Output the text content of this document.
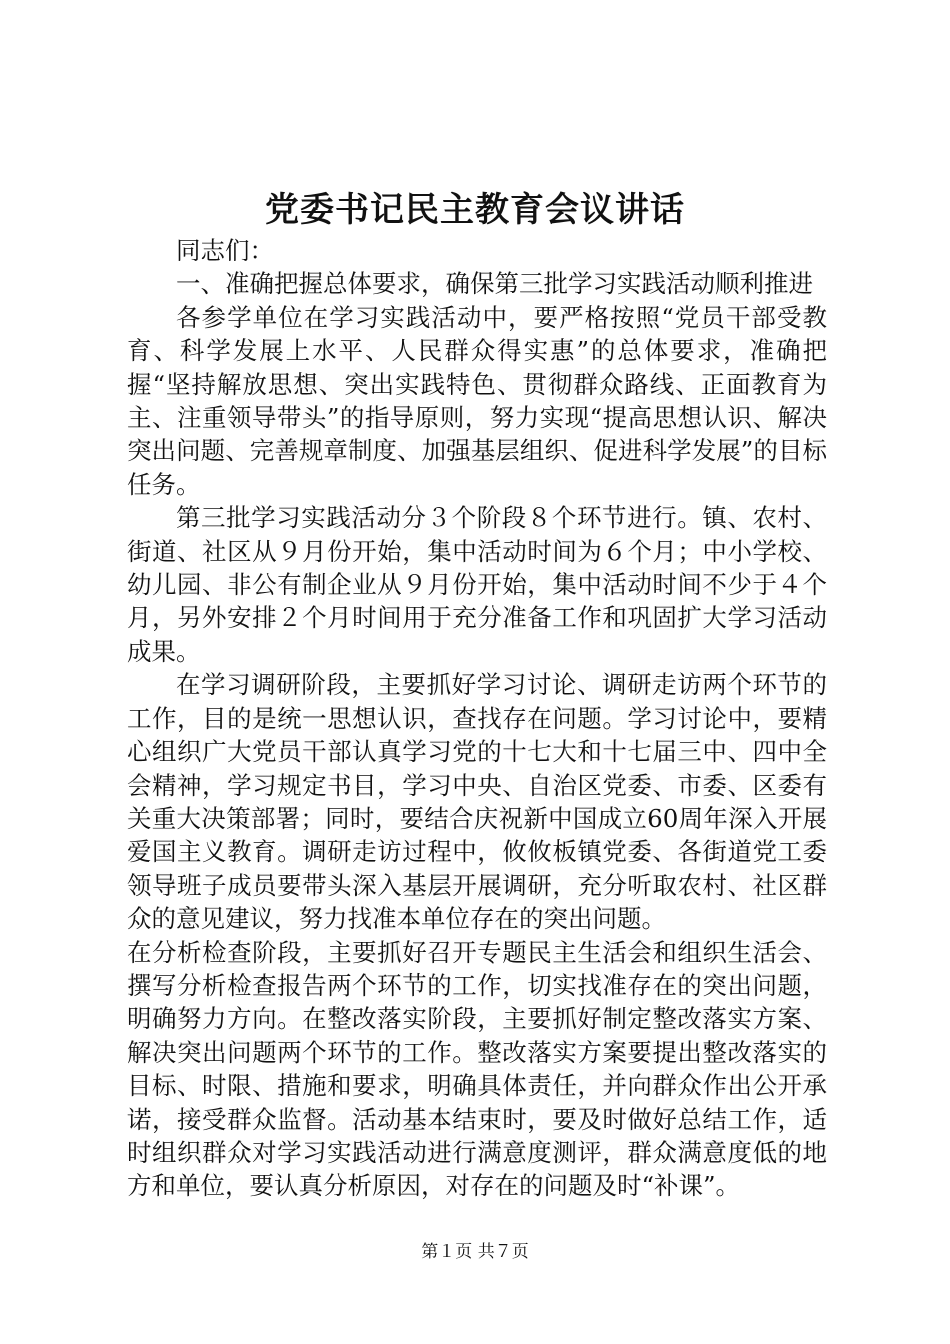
党委书记民主教育会议讲话

同志们：

一、准确把握总体要求，确保第三批学习实践活动顺利推进

各参学单位在学习实践活动中，要严格按照“党员干部受教育、科学发展上水平、人民群众得实惠”的总体要求，准确把握“坚持解放思想、突出实践特色、贯彻群众路线、正面教育为主、注重领导带头”的指导原则，努力实现“提高思想认识、解决突出问题、完善规章制度、加强基层组织、促进科学发展”的目标任务。

第三批学习实践活动分３个阶段８个环节进行。镇、农村、街道、社区从９月份开始，集中活动时间为６个月；中小学校、幼儿园、非公有制企业从９月份开始，集中活动时间不少于４个月，另外安排２个月时间用于充分准备工作和巩固扩大学习活动成果。

在学习调研阶段，主要抓好学习讨论、调研走访两个环节的工作，目的是统一思想认识，查找存在问题。学习讨论中，要精心组织广大党员干部认真学习党的十七大和十七届三中、四中全会精神，学习规定书目，学习中央、自治区党委、市委、区委有关重大决策部署；同时，要结合庆祝新中国成立60周年深入开展爱国主义教育。调研走访过程中，攸攸板镇党委、各街道党工委领导班子成员要带头深入基层开展调研，充分听取农村、社区群众的意见建议，努力找准本单位存在的突出问题。

在分析检查阶段，主要抓好召开专题民主生活会和组织生活会、撰写分析检查报告两个环节的工作，切实找准存在的突出问题，明确努力方向。在整改落实阶段，主要抓好制定整改落实方案、解决突出问题两个环节的工作。整改落实方案要提出整改落实的目标、时限、措施和要求，明确具体责任，并向群众作出公开承诺，接受群众监督。活动基本结束时，要及时做好总结工作，适时组织群众对学习实践活动进行满意度测评，群众满意度低的地方和单位，要认真分析原因，对存在的问题及时“补课”。

第１页 共７页
